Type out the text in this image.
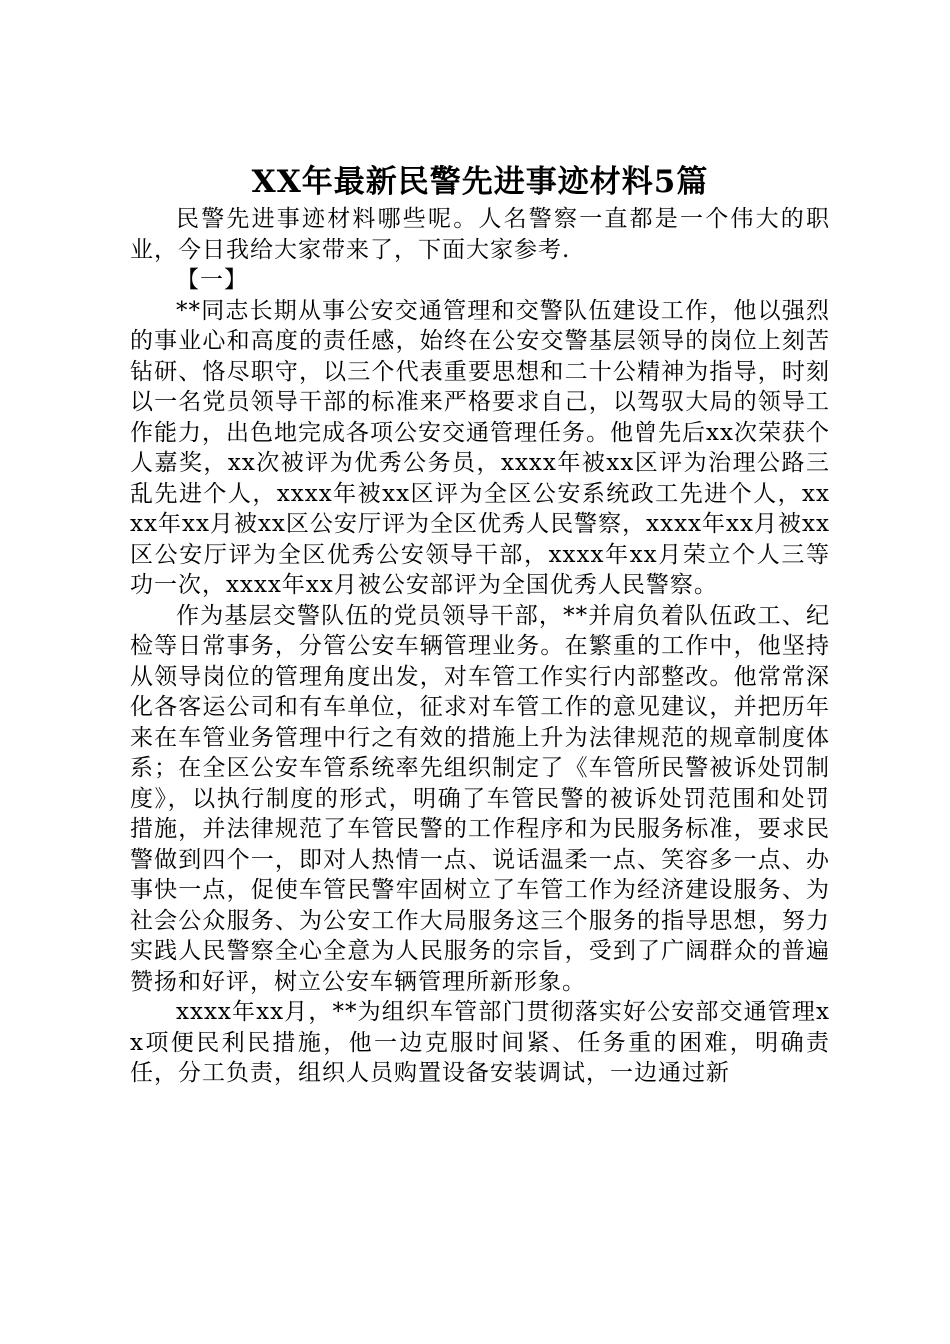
XX年最新民警先进事迹材料5篇

民警先进事迹材料哪些呢。人名警察一直都是一个伟大的职业，今日我给大家带来了，下面大家参考.

【一】

**同志长期从事公安交通管理和交警队伍建设工作，他以强烈的事业心和高度的责任感，始终在公安交警基层领导的岗位上刻苦钻研、恪尽职守，以三个代表重要思想和二十公精神为指导，时刻以一名党员领导干部的标准来严格要求自己，以驾驭大局的领导工作能力，出色地完成各项公安交通管理任务。他曾先后xx次荣获个人嘉奖，xx次被评为优秀公务员，xxxx年被xx区评为治理公路三乱先进个人，xxxx年被xx区评为全区公安系统政工先进个人，xxxx年xx月被xx区公安厅评为全区优秀人民警察，xxxx年xx月被xx区公安厅评为全区优秀公安领导干部，xxxx年xx月荣立个人三等功一次，xxxx年xx月被公安部评为全国优秀人民警察。

作为基层交警队伍的党员领导干部，**并肩负着队伍政工、纪检等日常事务，分管公安车辆管理业务。在繁重的工作中，他坚持从领导岗位的管理角度出发，对车管工作实行内部整改。他常常深化各客运公司和有车单位，征求对车管工作的意见建议，并把历年来在车管业务管理中行之有效的措施上升为法律规范的规章制度体系；在全区公安车管系统率先组织制定了《车管所民警被诉处罚制度》，以执行制度的形式，明确了车管民警的被诉处罚范围和处罚措施，并法律规范了车管民警的工作程序和为民服务标准，要求民警做到四个一，即对人热情一点、说话温柔一点、笑容多一点、办事快一点，促使车管民警牢固树立了车管工作为经济建设服务、为社会公众服务、为公安工作大局服务这三个服务的指导思想，努力实践人民警察全心全意为人民服务的宗旨，受到了广阔群众的普遍赞扬和好评，树立公安车辆管理所新形象。

xxxx年xx月，**为组织车管部门贯彻落实好公安部交通管理xx项便民利民措施，他一边克服时间紧、任务重的困难，明确责任，分工负责，组织人员购置设备安装调试，一边通过新
